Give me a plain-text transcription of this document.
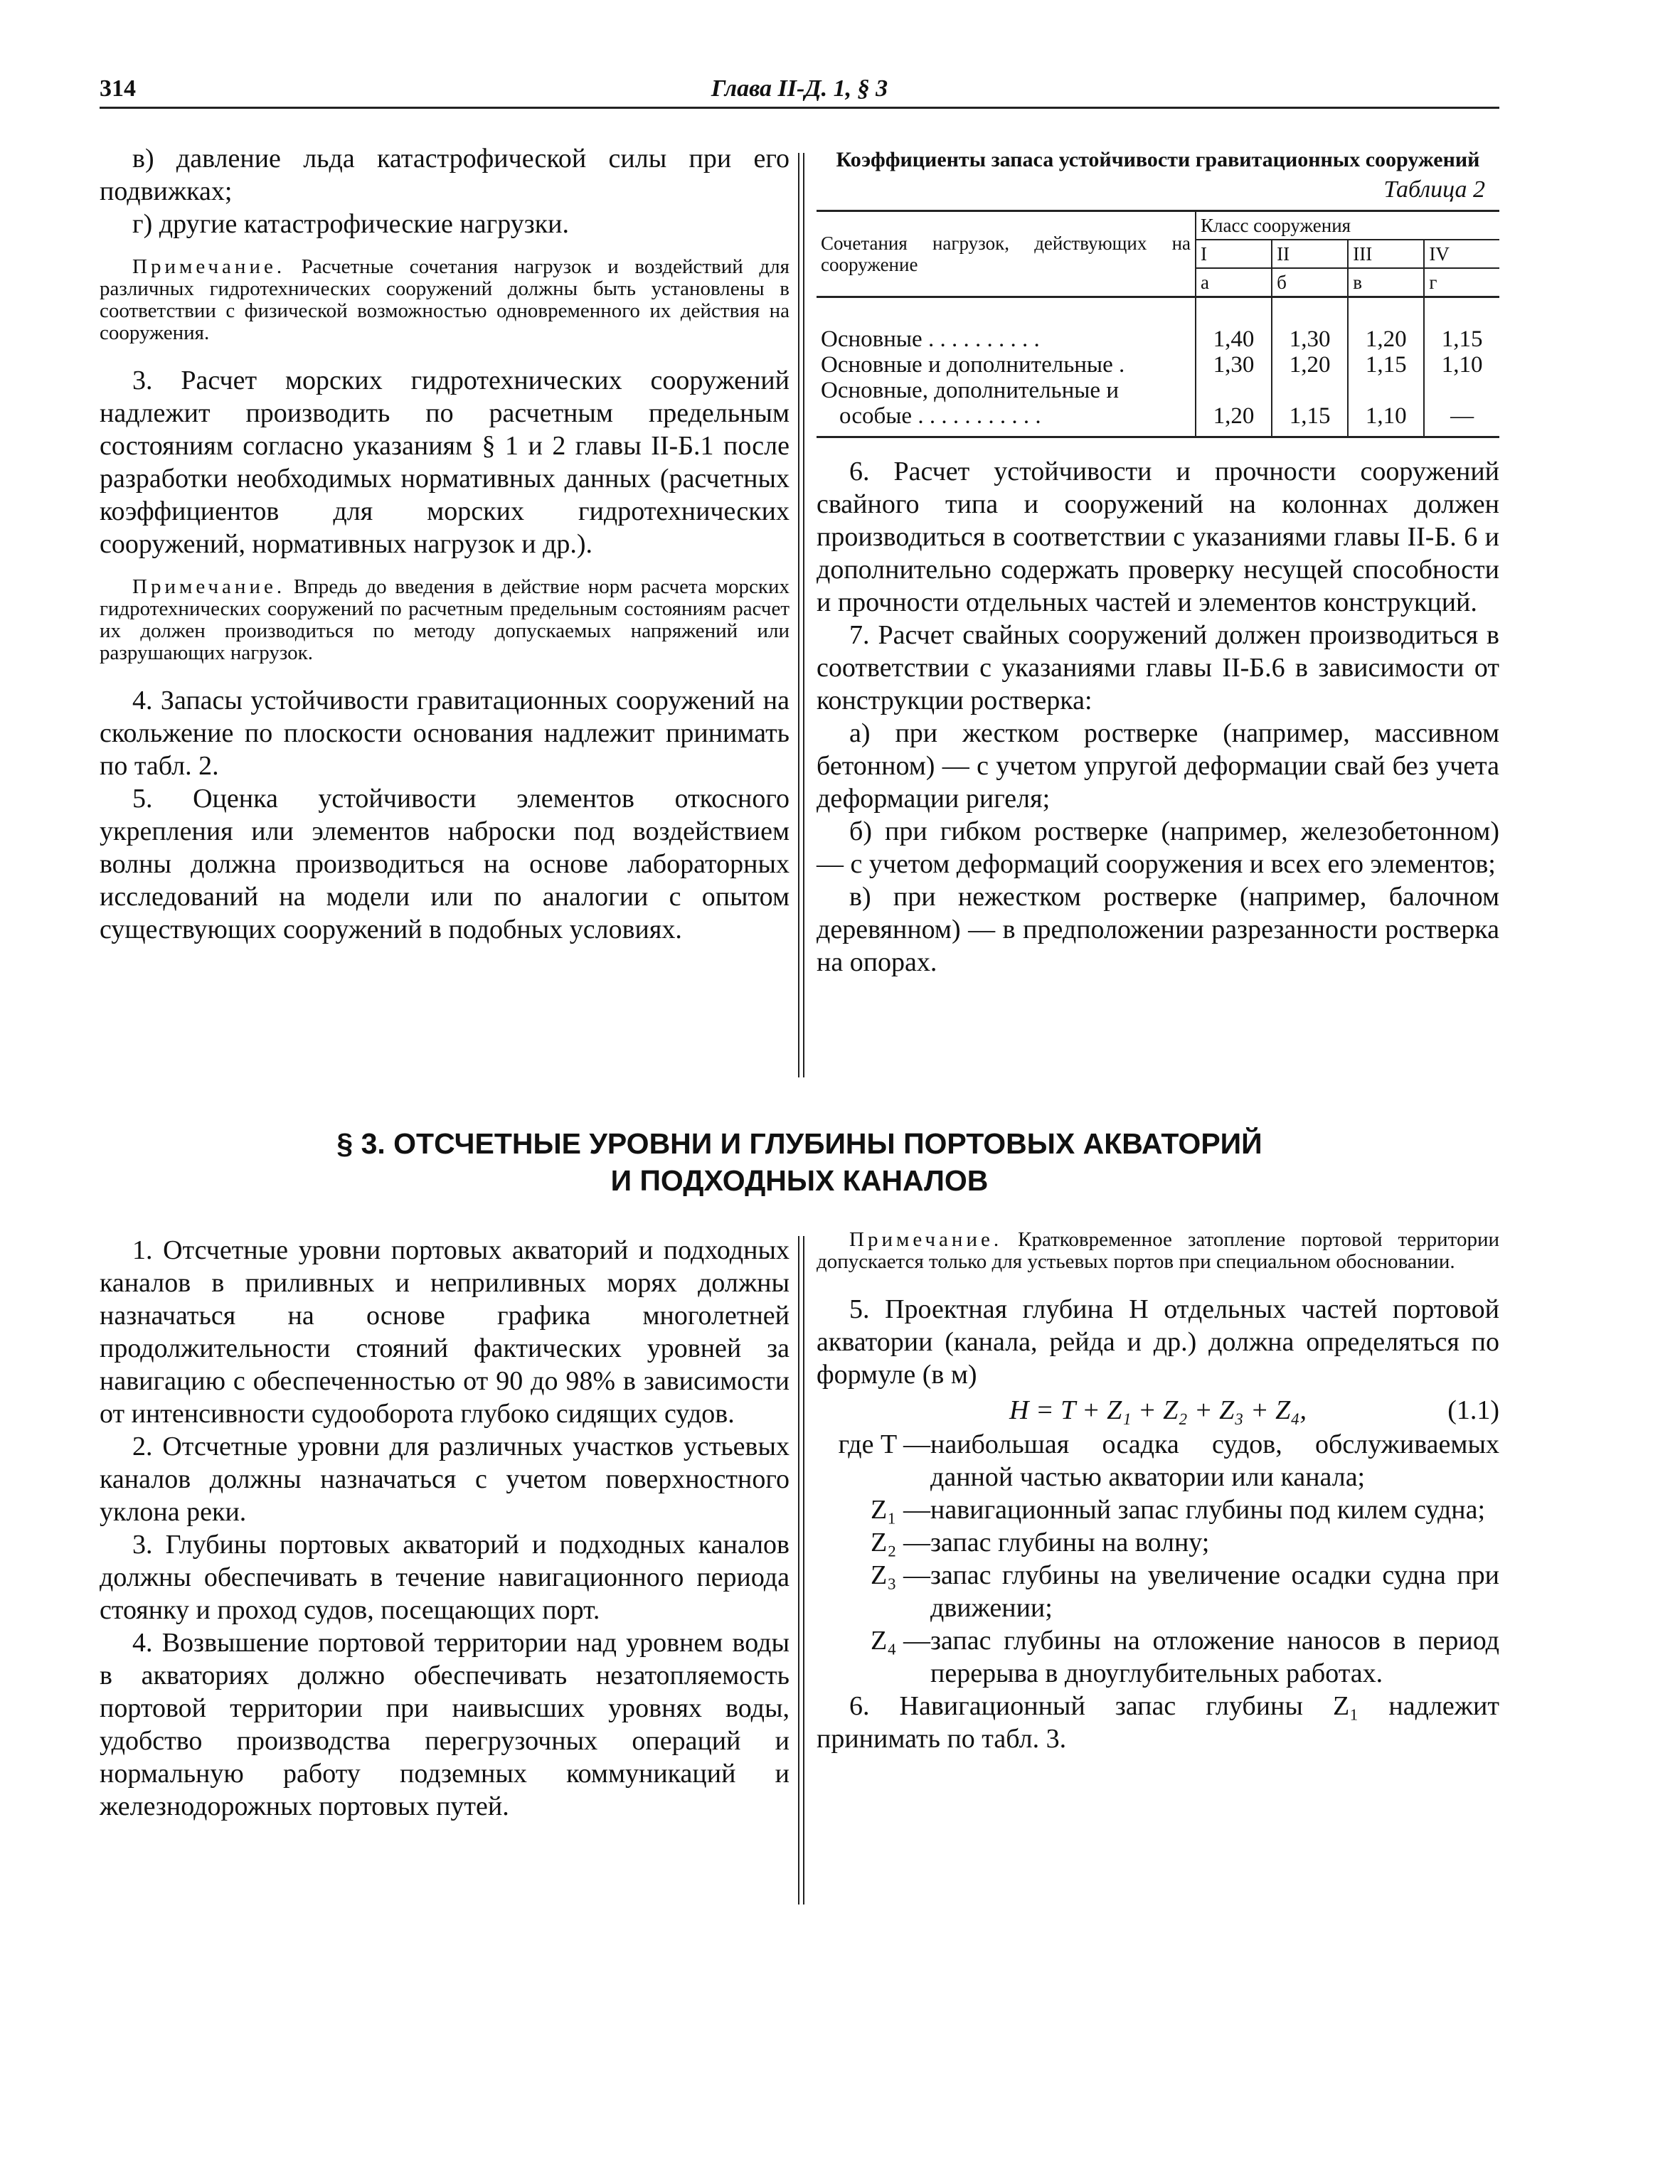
314	Глава II-Д. 1, § 3

в) давление льда катастрофической силы при его подвижках;

г) другие катастрофические нагрузки.

Примечание. Расчетные сочетания нагрузок и воздействий для различных гидротехнических сооружений должны быть установлены в соответствии с физической возможностью одновременного их действия на сооружения.

3. Расчет морских гидротехнических сооружений надлежит производить по расчетным предельным состояниям согласно указаниям § 1 и 2 главы II-Б.1 после разработки необходимых нормативных данных (расчетных коэффициентов для морских гидротехнических сооружений, нормативных нагрузок и др.).

Примечание. Впредь до введения в действие норм расчета морских гидротехнических сооружений по расчетным предельным состояниям расчет их должен производиться по методу допускаемых напряжений или разрушающих нагрузок.

4. Запасы устойчивости гравитационных сооружений на скольжение по плоскости основания надлежит принимать по табл. 2.

5. Оценка устойчивости элементов откосного укрепления или элементов наброски под воздействием волны должна производиться на основе лабораторных исследований на модели или по аналогии с опытом существующих сооружений в подобных условиях.

Коэффициенты запаса устойчивости гравитационных сооружений
Таблица 2
Сочетания нагрузок, действующих на сооружение	Класс сооружения			
	I	II	III	IV
	а	б	в	г

Основные . . . . . . . . . .	1,40	1,30	1,20	1,15
Основные и дополнительные .	1,30	1,20	1,15	1,10
Основные, дополнительные и				
особые . . . . . . . . . . .	1,20	1,15	1,10	—

6. Расчет устойчивости и прочности сооружений свайного типа и сооружений на колоннах должен производиться в соответствии с указаниями главы II-Б. 6 и дополнительно содержать проверку несущей способности и прочности отдельных частей и элементов конструкций.

7. Расчет свайных сооружений должен производиться в соответствии с указаниями главы II-Б.6 в зависимости от конструкции ростверка:

а) при жестком ростверке (например, массивном бетонном) — с учетом упругой деформации свай без учета деформации ригеля;

б) при гибком ростверке (например, железобетонном) — с учетом деформаций сооружения и всех его элементов;

в) при нежестком ростверке (например, балочном деревянном) — в предположении разрезанности ростверка на опорах.

§ 3. ОТСЧЕТНЫЕ УРОВНИ И ГЛУБИНЫ ПОРТОВЫХ АКВАТОРИЙ
И ПОДХОДНЫХ КАНАЛОВ

1. Отсчетные уровни портовых акваторий и подходных каналов в приливных и неприливных морях должны назначаться на основе графика многолетней продолжительности стояний фактических уровней за навигацию с обеспеченностью от 90 до 98% в зависимости от интенсивности судооборота глубоко сидящих судов.

2. Отсчетные уровни для различных участков устьевых каналов должны назначаться с учетом поверхностного уклона реки.

3. Глубины портовых акваторий и подходных каналов должны обеспечивать в течение навигационного периода стоянку и проход судов, посещающих порт.

4. Возвышение портовой территории над уровнем воды в акваториях должно обеспечивать незатопляемость портовой территории при наивысших уровнях воды, удобство производства перегрузочных операций и нормальную работу подземных коммуникаций и железнодорожных портовых путей.

Примечание. Кратковременное затопление портовой территории допускается только для устьевых портов при специальном обосновании.

5. Проектная глубина H отдельных частей портовой акватории (канала, рейда и др.) должна определяться по формуле (в м)

H = T + Z₁ + Z₂ + Z₃ + Z₄,	(1.1)
где T — наибольшая осадка судов, обслуживаемых данной частью акватории или канала;
Z₁ — навигационный запас глубины под килем судна;
Z₂ — запас глубины на волну;
Z₃ — запас глубины на увеличение осадки судна при движении;
Z₄ — запас глубины на отложение наносов в период перерыва в дноуглубительных работах.

6. Навигационный запас глубины Z₁ надлежит принимать по табл. 3.
